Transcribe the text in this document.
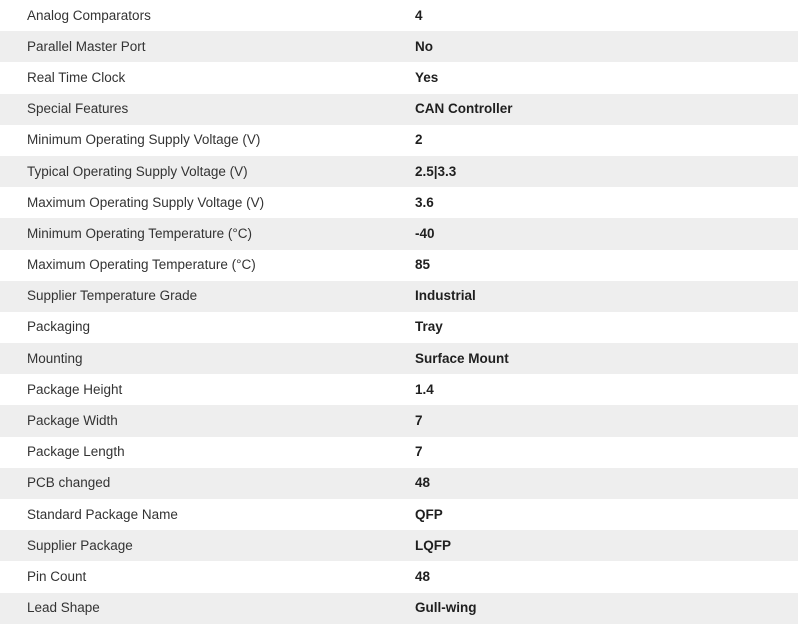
Analog Comparators	4
Parallel Master Port	No
Real Time Clock	Yes
Special Features	CAN Controller
Minimum Operating Supply Voltage (V)	2
Typical Operating Supply Voltage (V)	2.5|3.3
Maximum Operating Supply Voltage (V)	3.6
Minimum Operating Temperature (°C)	-40
Maximum Operating Temperature (°C)	85
Supplier Temperature Grade	Industrial
Packaging	Tray
Mounting	Surface Mount
Package Height	1.4
Package Width	7
Package Length	7
PCB changed	48
Standard Package Name	QFP
Supplier Package	LQFP
Pin Count	48
Lead Shape	Gull-wing
